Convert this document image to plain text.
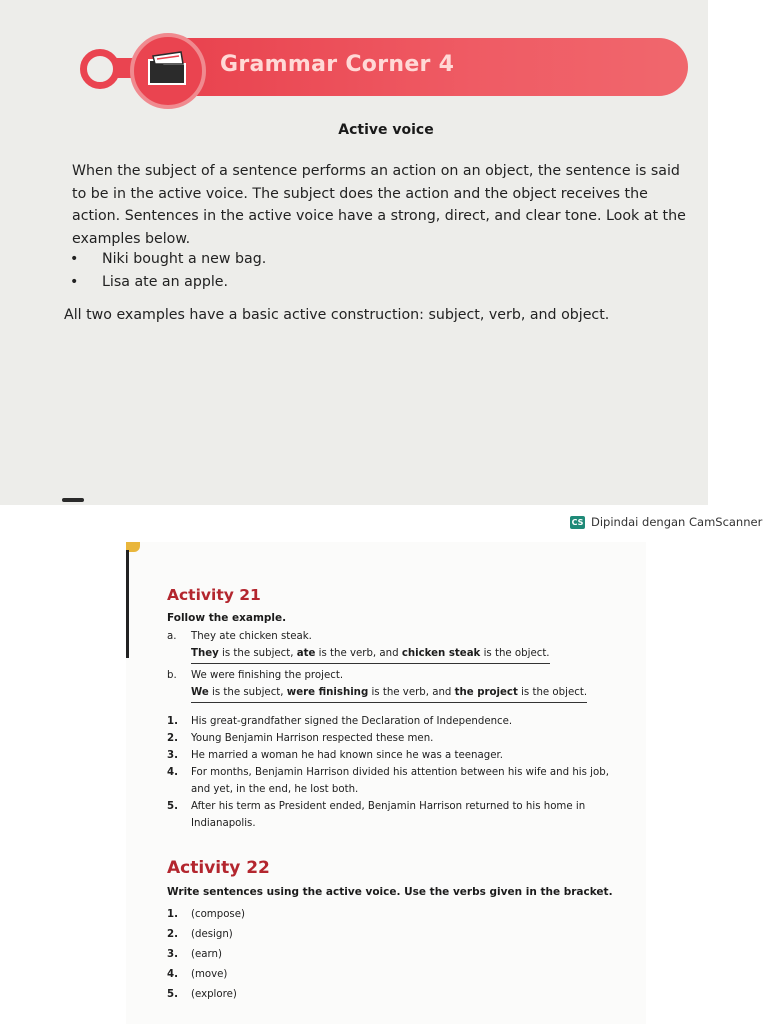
Grammar Corner 4
Active voice

When the subject of a sentence performs an action on an object, the sentence is said to be in the active voice. The subject does the action and the object receives the action. Sentences in the active voice have a strong, direct, and clear tone. Look at the examples below.

• Niki bought a new bag.
• Lisa ate an apple.

All two examples have a basic active construction: subject, verb, and object.

CS Dipindai dengan CamScanner
Activity 21
Follow the example.
a. They ate chicken steak.
They is the subject, ate is the verb, and chicken steak is the object.
b. We were finishing the project.
We is the subject, were finishing is the verb, and the project is the object.
1.	His great-grandfather signed the Declaration of Independence.
2.	Young Benjamin Harrison respected these men.
3.	He married a woman he had known since he was a teenager.
4.	For months, Benjamin Harrison divided his attention between his wife and his job, and yet, in the end, he lost both.
5.	After his term as President ended, Benjamin Harrison returned to his home in Indianapolis.
Activity 22
Write sentences using the active voice. Use the verbs given in the bracket.
1.	(compose)
2.	(design)
3.	(earn)
4.	(move)
5.	(explore)
